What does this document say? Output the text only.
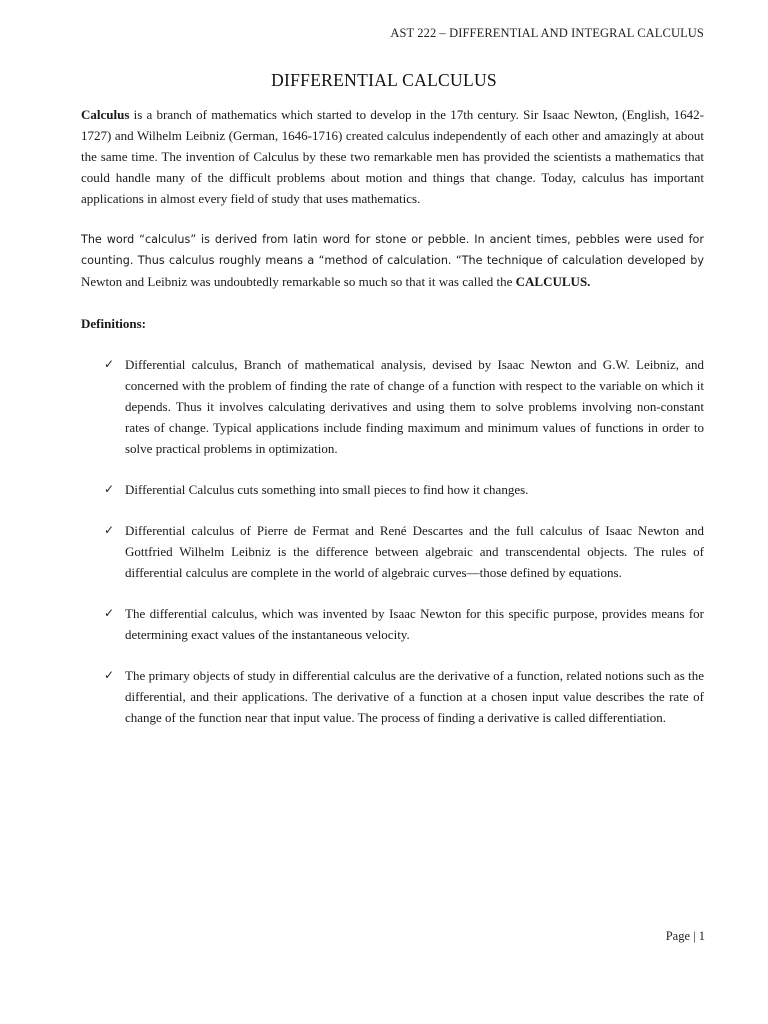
AST 222 – DIFFERENTIAL AND INTEGRAL CALCULUS
DIFFERENTIAL CALCULUS

Calculus is a branch of mathematics which started to develop in the 17th century. Sir Isaac Newton, (English, 1642-1727) and Wilhelm Leibniz (German, 1646-1716) created calculus independently of each other and amazingly at about the same time. The invention of Calculus by these two remarkable men has provided the scientists a mathematics that could handle many of the difficult problems about motion and things that change. Today, calculus has important applications in almost every field of study that uses mathematics.

The word “calculus” is derived from latin word for stone or pebble. In ancient times, pebbles were used for counting. Thus calculus roughly means a “method of calculation. “The technique of calculation developed by Newton and Leibniz was undoubtedly remarkable so much so that it was called the CALCULUS.

Definitions:

✓ Differential calculus, Branch of mathematical analysis, devised by Isaac Newton and G.W. Leibniz, and concerned with the problem of finding the rate of change of a function with respect to the variable on which it depends. Thus it involves calculating derivatives and using them to solve problems involving non-constant rates of change. Typical applications include finding maximum and minimum values of functions in order to solve practical problems in optimization.
✓ Differential Calculus cuts something into small pieces to find how it changes.
✓ Differential calculus of Pierre de Fermat and René Descartes and the full calculus of Isaac Newton and Gottfried Wilhelm Leibniz is the difference between algebraic and transcendental objects. The rules of differential calculus are complete in the world of algebraic curves—those defined by equations.
✓ The differential calculus, which was invented by Isaac Newton for this specific purpose, provides means for determining exact values of the instantaneous velocity.
✓ The primary objects of study in differential calculus are the derivative of a function, related notions such as the differential, and their applications. The derivative of a function at a chosen input value describes the rate of change of the function near that input value. The process of finding a derivative is called differentiation.
Page | 1
